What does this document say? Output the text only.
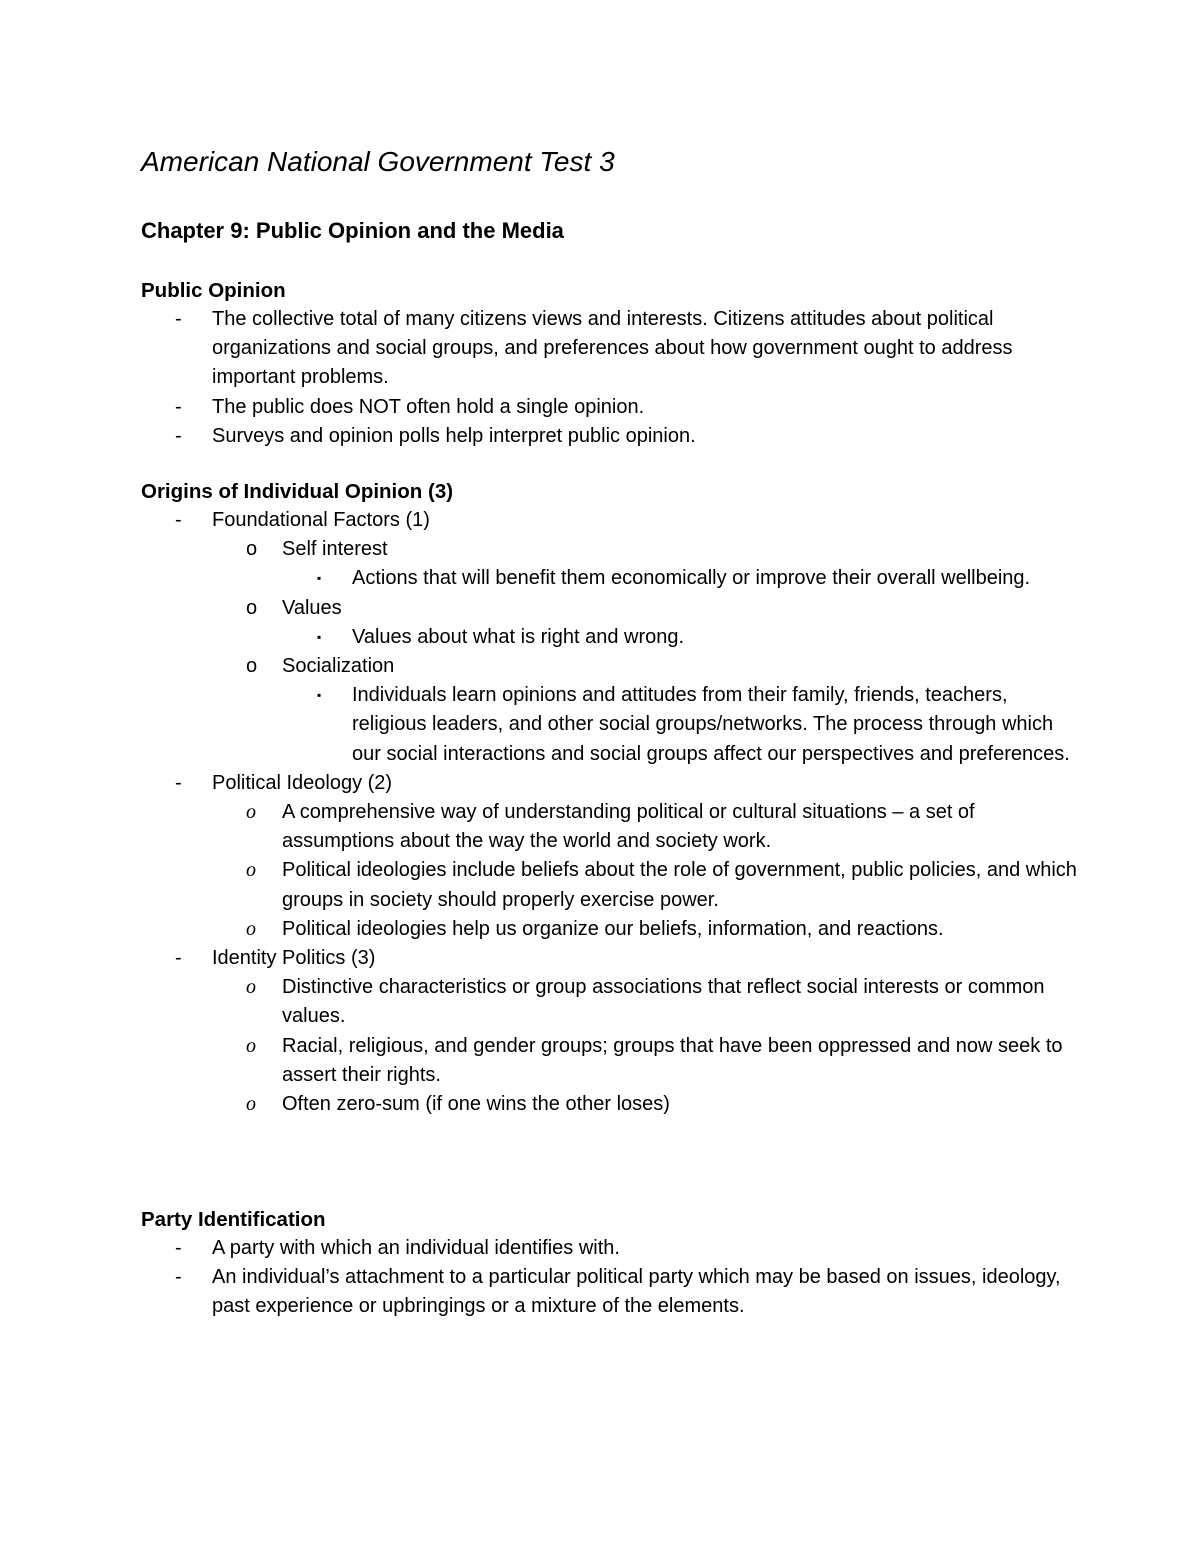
American National Government Test 3
Chapter 9: Public Opinion and the Media
Public Opinion
- The collective total of many citizens views and interests. Citizens attitudes about political organizations and social groups, and preferences about how government ought to address important problems.
- The public does NOT often hold a single opinion.
- Surveys and opinion polls help interpret public opinion.
Origins of Individual Opinion (3)
- Foundational Factors (1)
o Self interest
▪ Actions that will benefit them economically or improve their overall wellbeing.
o Values
▪ Values about what is right and wrong.
o Socialization
▪ Individuals learn opinions and attitudes from their family, friends, teachers, religious leaders, and other social groups/networks. The process through which our social interactions and social groups affect our perspectives and preferences.
- Political Ideology (2)
o A comprehensive way of understanding political or cultural situations – a set of assumptions about the way the world and society work.
o Political ideologies include beliefs about the role of government, public policies, and which groups in society should properly exercise power.
o Political ideologies help us organize our beliefs, information, and reactions.
- Identity Politics (3)
o Distinctive characteristics or group associations that reflect social interests or common values.
o Racial, religious, and gender groups; groups that have been oppressed and now seek to assert their rights.
o Often zero-sum (if one wins the other loses)
Party Identification
- A party with which an individual identifies with.
- An individual’s attachment to a particular political party which may be based on issues, ideology, past experience or upbringings or a mixture of the elements.
